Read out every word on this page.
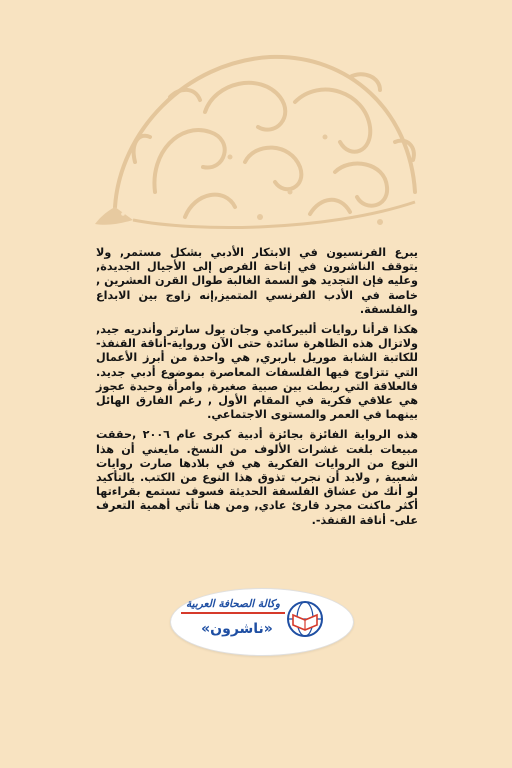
يبرع الفرنسيون في الابتكار الأدبي بشكل مستمر, ولا يتوقف الناشرون في إتاحة الفرص إلى الأجيال الجديدة, وعليه فإن التجديد هو السمة الغالبة طوال القرن العشرين , خاصة في الأدب الفرنسي المتميز,إنه زاوج بين الابداع والفلسفة.

هكذا قرأنا روايات ألبيركامي وجان بول سارتر وأندريه جيد, ولاتزال هذه الظاهرة سائدة حتى الآن ورواية-أناقة القنفذ- للكاتبة الشابة موريل باربري, هي واحدة من أبرز الأعمال التي تتزاوج فيها الفلسفات المعاصرة بموضوع أدبي جديد. فالعلاقة التي ربطت بين صبية صغيرة, وامرأة وحيدة عجوز هي علاقي فكرية في المقام الأول , رغم الفارق الهائل بينهما في العمر والمستوى الاجتماعي.

هذه الرواية الفائزة بجائزة أدبية كبرى عام ٢٠٠٦ ,حققت مبيعات بلغت غشرات الألوف من النسخ. مايعني أن هذا النوع من الروايات الفكرية هي في بلادها صارت روايات شعبية , ولابد أن نجرب تذوق هذا النوع من الكتب. بالتأكيد لو أنك من عشاق الفلسفة الحديثة فسوف تستمع بقراءتها أكثر ماكنت مجرد قارئ عادي, ومن هنا تأتي أهمية التعرف على- أناقة القنفذ-.

وكالة الصحافة العربية
«ناشرون»
